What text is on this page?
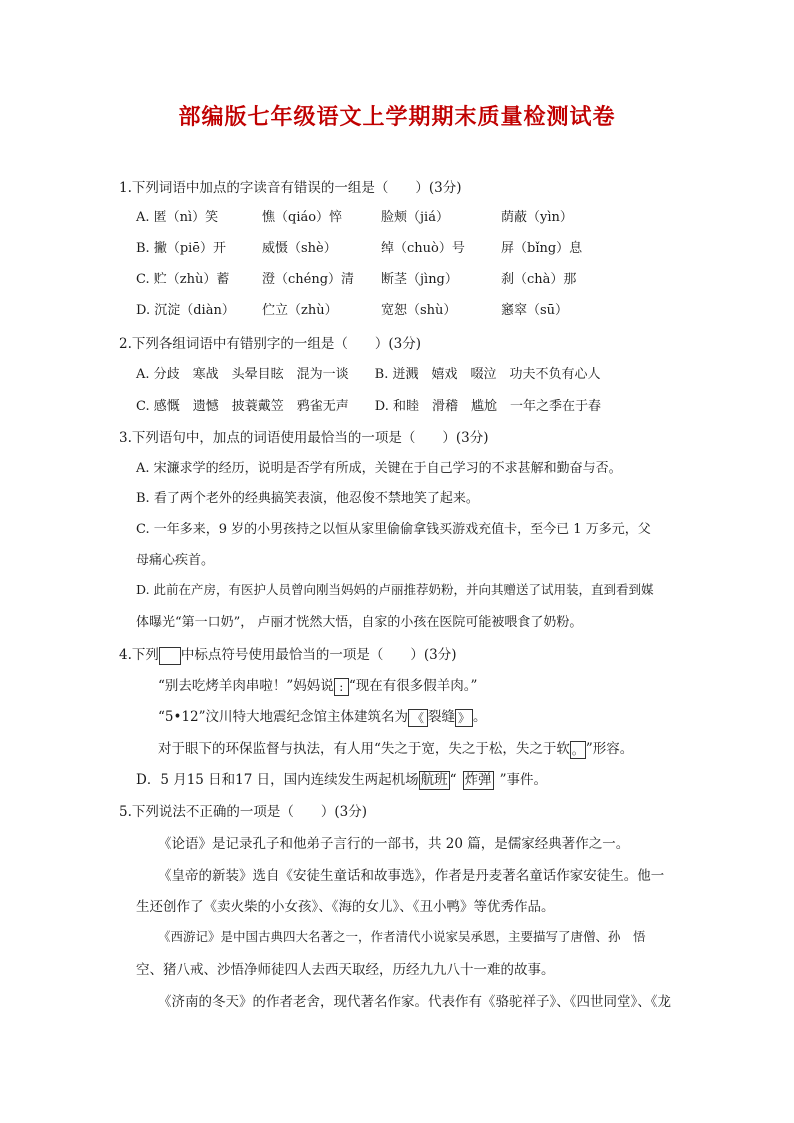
部编版七年级语文上学期期末质量检测试卷
1.下列词语中加点的字读音有错误的一组是（　　）(3分)
A. 匿（nì）笑	憔（qiáo）悴	脸颊（jiá）	荫蔽（yìn）
B. 撇（piē）开	威慑（shè）	绰（chuò）号	屏（bǐng）息
C. 贮（zhù）蓄	澄（chéng）清 断茎（jìng）	刹（chà）那
D. 沉淀（diàn） 伫立（zhù）	宽恕（shù）	窸窣（sū）
2.下列各组词语中有错别字的一组是（　　）(3分)
A. 分歧　寒战　头晕目眩　混为一谈　　B. 迸溅　嬉戏　啜泣　功夫不负有心人
C. 感慨　遗憾　披蓑戴笠　鸦雀无声　　D. 和睦　滑稽　尴尬　一年之季在于春
3.下列语句中，加点的词语使用最恰当的一项是（　　）(3分)
A. 宋濂求学的经历，说明是否学有所成，关键在于自己学习的不求甚解和勤奋与否。
B. 看了两个老外的经典搞笑表演，他忍俊不禁地笑了起来。
C. 一年多来，9 岁的小男孩持之以恒从家里偷偷拿钱买游戏充值卡，至今已 1 万多元，父
母痛心疾首。
D. 此前在产房，有医护人员曾向刚当妈妈的卢丽推荐奶粉，并向其赠送了试用装，直到看到媒
体曝光“第一口奶”， 卢丽才恍然大悟，自家的小孩在医院可能被喂食了奶粉。
4.下列 中标点符号使用最恰当的一项是（　　）(3分)
“别去吃烤羊肉串啦！”妈妈说 : “现在有很多假羊肉。”
“5•12”汶川特大地震纪念馆主体建筑名为 《 裂缝 》 。
对于眼下的环保监督与执法，有人用“失之于宽，失之于松，失之于软 。 ”形容。
D．5 月15 日和17 日，国内连续发生两起机场 航班 “ 炸弹 ”事件。
5.下列说法不正确的一项是（　　）(3分)
《论语》是记录孔子和他弟子言行的一部书，共 20 篇，是儒家经典著作之一。
《皇帝的新装》选自《安徒生童话和故事选》，作者是丹麦著名童话作家安徒生。他一
生还创作了《卖火柴的小女孩》、《海的女儿》、《丑小鸭》等优秀作品。
《西游记》是中国古典四大名著之一，作者清代小说家吴承恩，主要描写了唐僧、孙　悟
空、猪八戒、沙悟净师徒四人去西天取经，历经九九八十一难的故事。
《济南的冬天》的作者老舍，现代著名作家。代表作有《骆驼祥子》、《四世同堂》、《龙
